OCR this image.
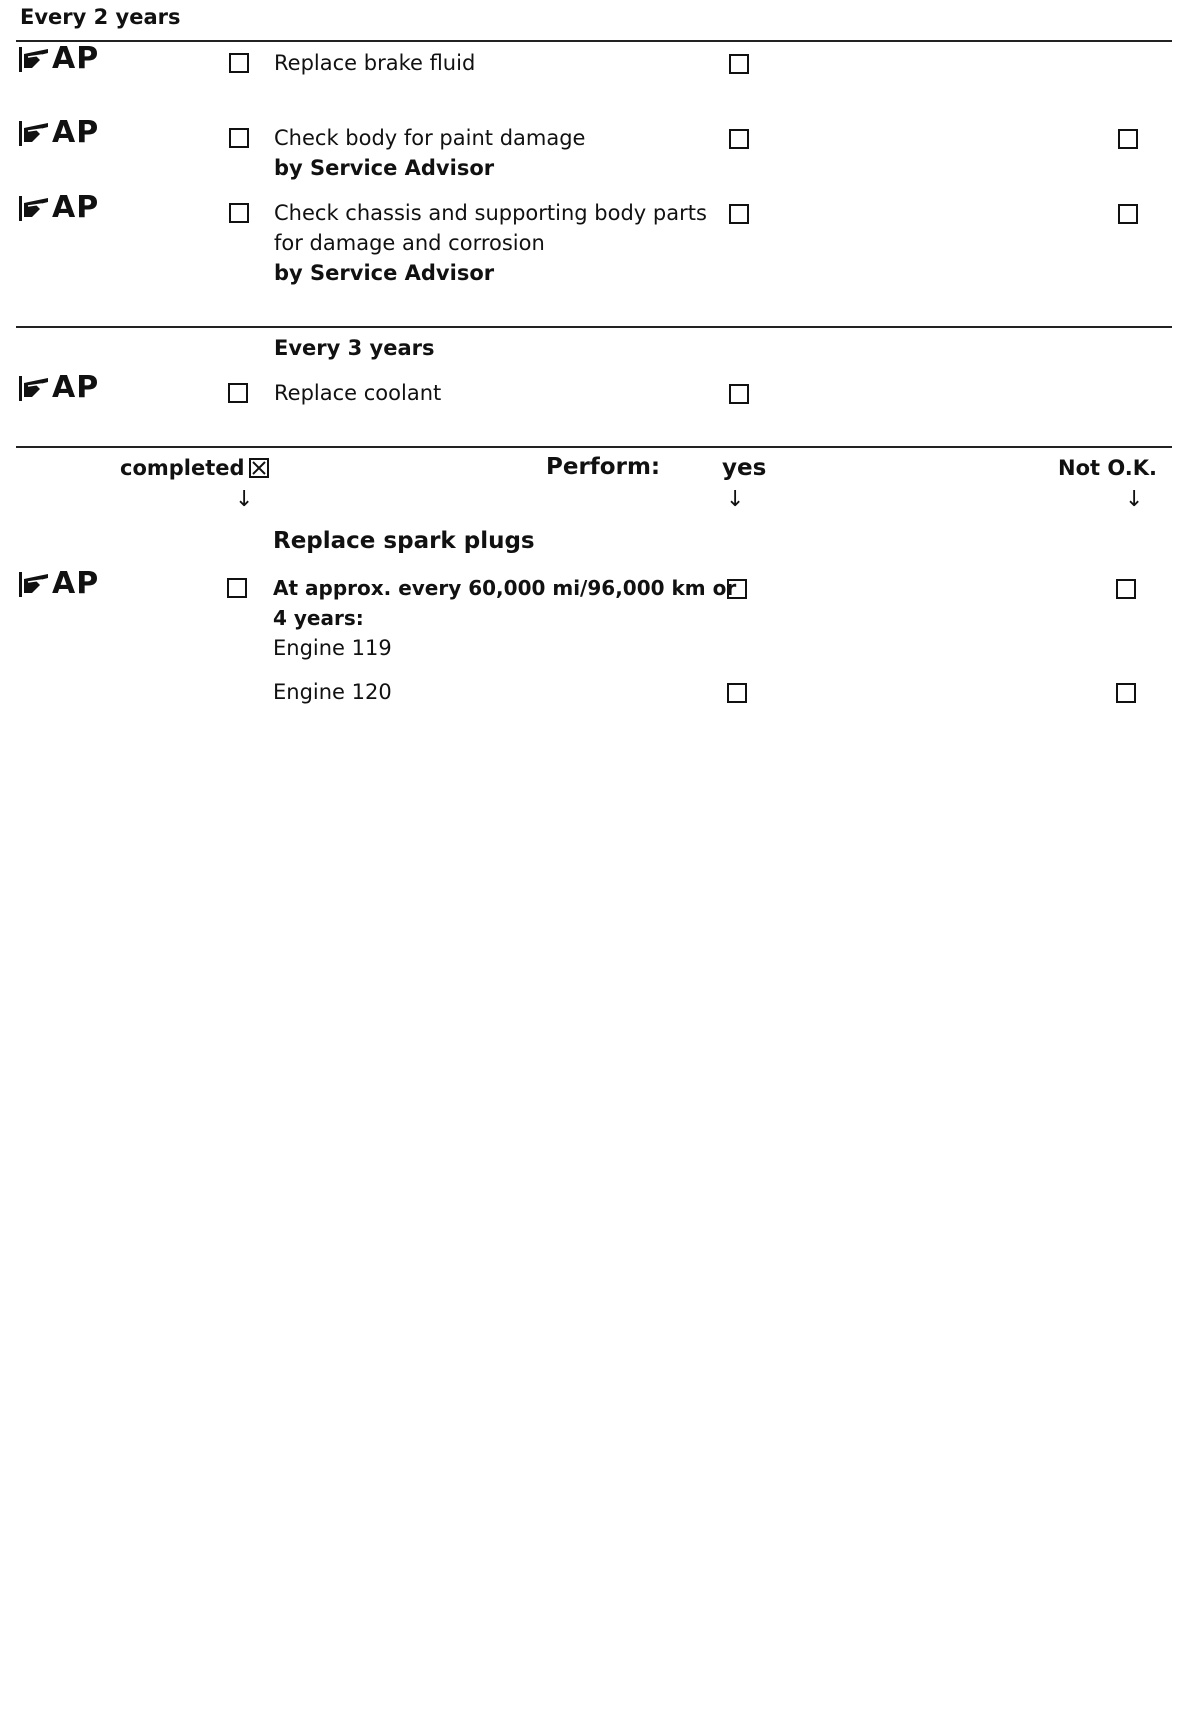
Every 2 years
AP	Replace brake fluid
AP	Check body for paint damage
by Service Advisor
AP	Check chassis and supporting body parts
for damage and corrosion
by Service Advisor
Every 3 years
AP	Replace coolant
completed	Perform:	yes	Not O.K.
↓	↓	↓
Replace spark plugs
AP	At approx. every 60,000 mi/96,000 km or
4 years:
Engine 119
Engine 120
